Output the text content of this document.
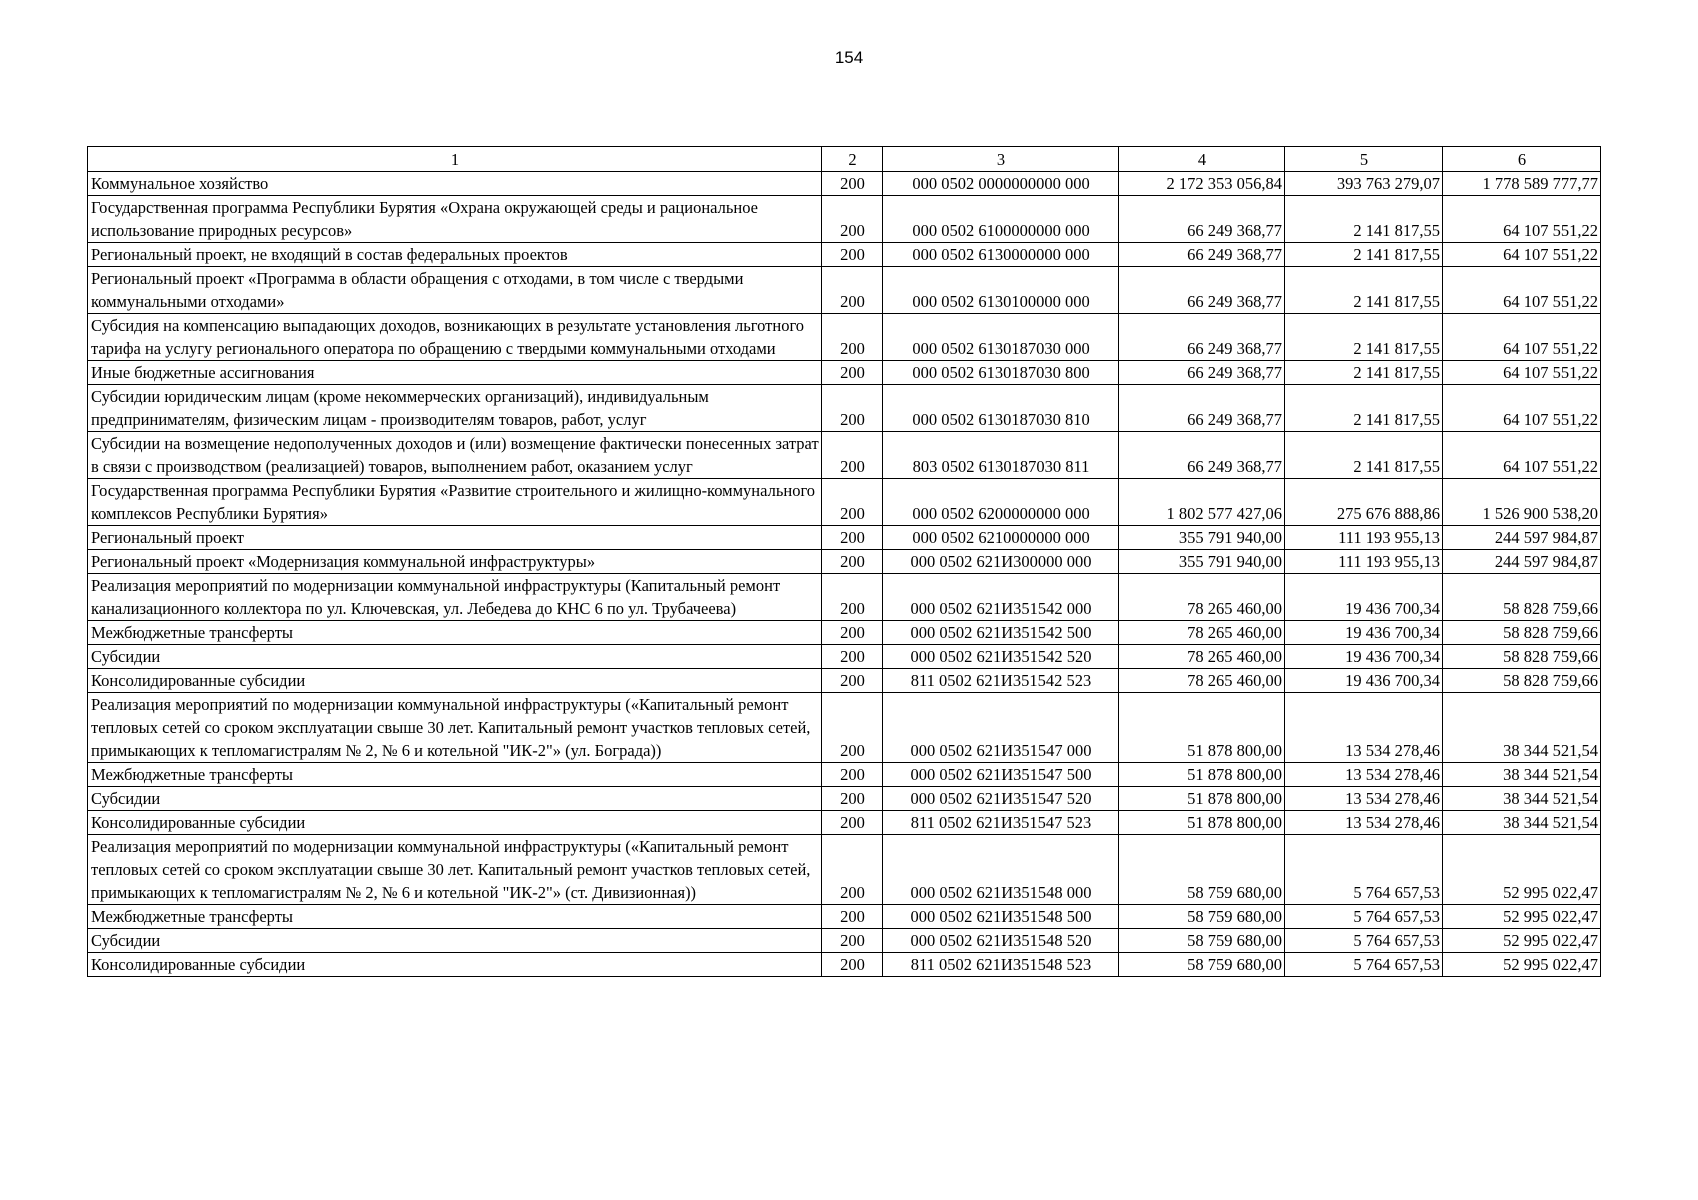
154
1	2	3	4	5	6
Коммунальное хозяйство	200	000 0502 0000000000 000	2 172 353 056,84	393 763 279,07	1 778 589 777,77
Государственная программа Республики Бурятия «Охрана окружающей среды и рациональное использование природных ресурсов»	200	000 0502 6100000000 000	66 249 368,77	2 141 817,55	64 107 551,22
Региональный проект, не входящий в состав федеральных проектов	200	000 0502 6130000000 000	66 249 368,77	2 141 817,55	64 107 551,22
Региональный проект «Программа в области обращения с отходами, в том числе с твердыми коммунальными отходами»	200	000 0502 6130100000 000	66 249 368,77	2 141 817,55	64 107 551,22
Субсидия на компенсацию выпадающих доходов, возникающих в результате установления льготного тарифа на услугу регионального оператора по обращению с твердыми коммунальными отходами	200	000 0502 6130187030 000	66 249 368,77	2 141 817,55	64 107 551,22
Иные бюджетные ассигнования	200	000 0502 6130187030 800	66 249 368,77	2 141 817,55	64 107 551,22
Субсидии юридическим лицам (кроме некоммерческих организаций), индивидуальным предпринимателям, физическим лицам - производителям товаров, работ, услуг	200	000 0502 6130187030 810	66 249 368,77	2 141 817,55	64 107 551,22
Субсидии на возмещение недополученных доходов и (или) возмещение фактически понесенных затрат в связи с производством (реализацией) товаров, выполнением работ, оказанием услуг	200	803 0502 6130187030 811	66 249 368,77	2 141 817,55	64 107 551,22
Государственная программа Республики Бурятия «Развитие строительного и жилищно-коммунального комплексов Республики Бурятия»	200	000 0502 6200000000 000	1 802 577 427,06	275 676 888,86	1 526 900 538,20
Региональный проект	200	000 0502 6210000000 000	355 791 940,00	111 193 955,13	244 597 984,87
Региональный проект «Модернизация коммунальной инфраструктуры»	200	000 0502 621И300000 000	355 791 940,00	111 193 955,13	244 597 984,87
Реализация мероприятий по модернизации коммунальной инфраструктуры (Капитальный ремонт канализационного коллектора по ул. Ключевская, ул. Лебедева до КНС 6 по ул. Трубачеева)	200	000 0502 621И351542 000	78 265 460,00	19 436 700,34	58 828 759,66
Межбюджетные трансферты	200	000 0502 621И351542 500	78 265 460,00	19 436 700,34	58 828 759,66
Субсидии	200	000 0502 621И351542 520	78 265 460,00	19 436 700,34	58 828 759,66
Консолидированные субсидии	200	811 0502 621И351542 523	78 265 460,00	19 436 700,34	58 828 759,66
Реализация мероприятий по модернизации коммунальной инфраструктуры («Капитальный ремонт тепловых сетей со сроком эксплуатации свыше 30 лет. Капитальный ремонт участков тепловых сетей, примыкающих к тепломагистралям № 2, № 6 и котельной "ИК-2"» (ул. Бограда))	200	000 0502 621И351547 000	51 878 800,00	13 534 278,46	38 344 521,54
Межбюджетные трансферты	200	000 0502 621И351547 500	51 878 800,00	13 534 278,46	38 344 521,54
Субсидии	200	000 0502 621И351547 520	51 878 800,00	13 534 278,46	38 344 521,54
Консолидированные субсидии	200	811 0502 621И351547 523	51 878 800,00	13 534 278,46	38 344 521,54
Реализация мероприятий по модернизации коммунальной инфраструктуры («Капитальный ремонт тепловых сетей со сроком эксплуатации свыше 30 лет. Капитальный ремонт участков тепловых сетей, примыкающих к тепломагистралям № 2, № 6 и котельной "ИК-2"» (ст. Дивизионная))	200	000 0502 621И351548 000	58 759 680,00	5 764 657,53	52 995 022,47
Межбюджетные трансферты	200	000 0502 621И351548 500	58 759 680,00	5 764 657,53	52 995 022,47
Субсидии	200	000 0502 621И351548 520	58 759 680,00	5 764 657,53	52 995 022,47
Консолидированные субсидии	200	811 0502 621И351548 523	58 759 680,00	5 764 657,53	52 995 022,47
